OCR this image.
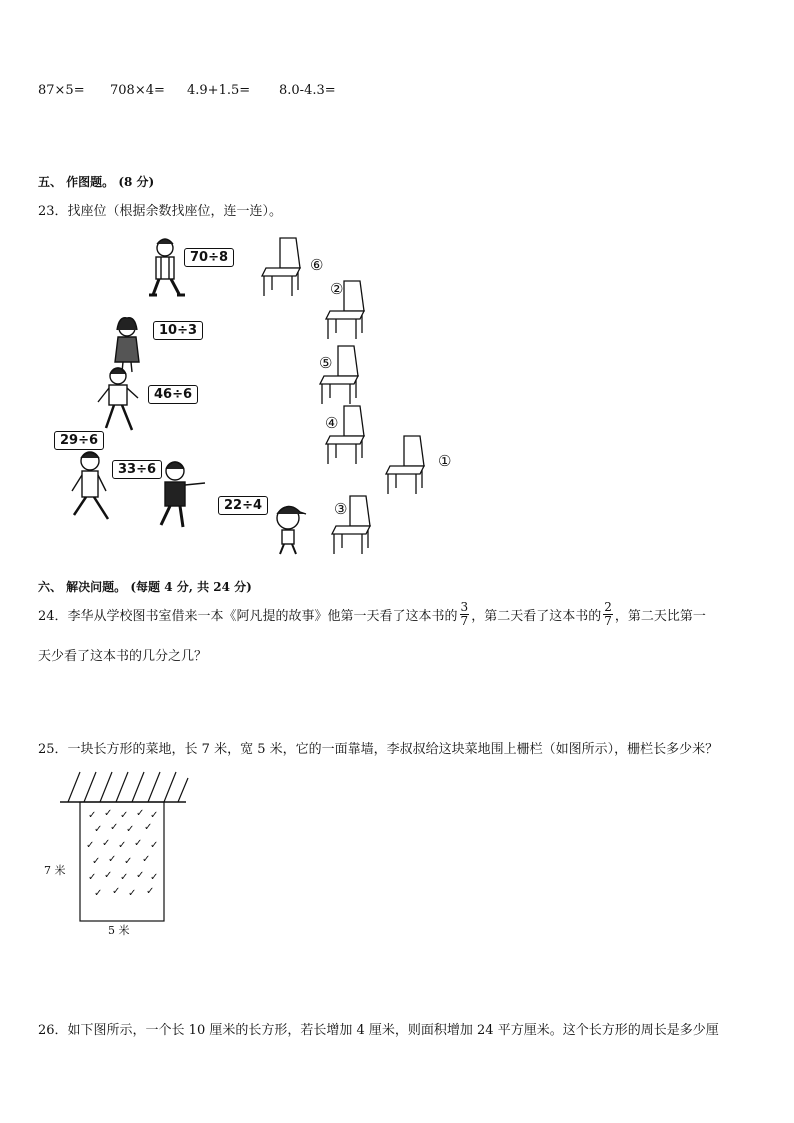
87×5= 708×4= 4.9+1.5= 8.0-4.3=
五、 作图题。 (8 分)
23．找座位（根据余数找座位，连一连）。
70÷8
10÷3
46÷6
29÷6
33÷6
22÷4
⑥
②
⑤
④
①
③
六、 解决问题。 (每题 4 分, 共 24 分)
24．李华从学校图书室借来一本《阿凡提的故事》他第一天看了这本书的 $\frac{3}{7}$ ，第二天看了这本书的 $\frac{2}{7}$ ，第二天比第一
天少看了这本书的几分之几？
25．一块长方形的菜地，长 7 米，宽 5 米，它的一面靠墙，李叔叔给这块菜地围上栅栏（如图所示），栅栏长多少米？
✓ ✓ ✓ ✓ ✓
✓ ✓ ✓ ✓
✓ ✓ ✓ ✓ ✓
✓ ✓ ✓ ✓
✓ ✓ ✓ ✓ ✓
✓ ✓ ✓ ✓
7 米
5 米
26．如下图所示，一个长 10 厘米的长方形，若长增加 4 厘米，则面积增加 24 平方厘米。这个长方形的周长是多少厘
